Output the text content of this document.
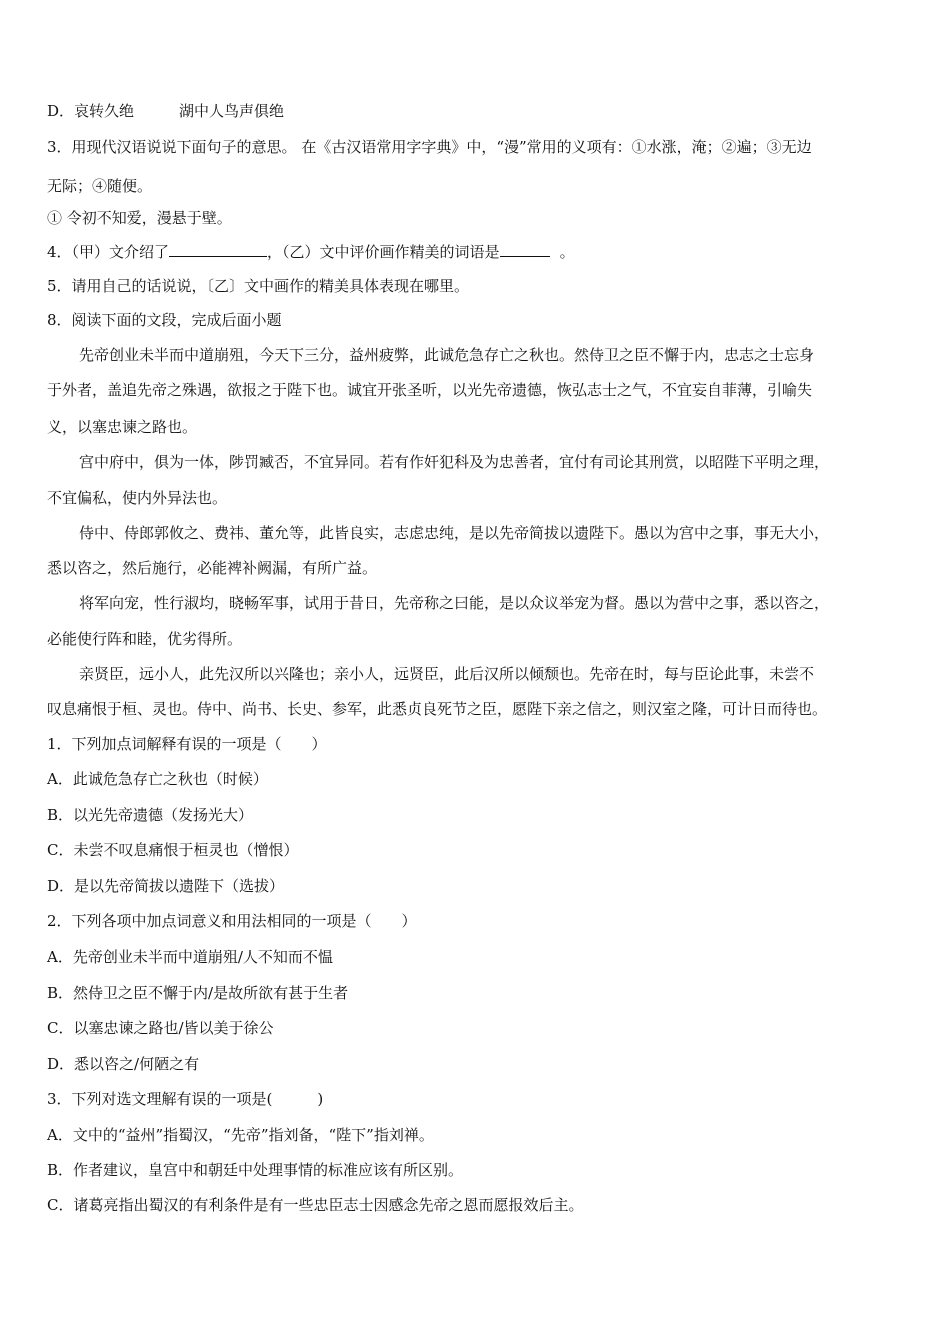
D．哀转久绝　　　湖中人鸟声俱绝
3．用现代汉语说说下面句子的意思。 在《古汉语常用字字典》中，“漫”常用的义项有：①水涨，淹；②遍；③无边
无际；④随便。
① 令初不知爱，漫悬于壁。
4．（甲）文介绍了	，（乙）文中评价画作精美的词语是	。
5．请用自己的话说说，〔乙〕文中画作的精美具体表现在哪里。
8．阅读下面的文段，完成后面小题
先帝创业未半而中道崩殂，今天下三分，益州疲弊，此诚危急存亡之秋也。然侍卫之臣不懈于内，忠志之士忘身
于外者，盖追先帝之殊遇，欲报之于陛下也。诚宜开张圣听，以光先帝遗德，恢弘志士之气，不宜妄自菲薄，引喻失
义，以塞忠谏之路也。
宫中府中，俱为一体，陟罚臧否，不宜异同。若有作奸犯科及为忠善者，宜付有司论其刑赏，以昭陛下平明之理，
不宜偏私，使内外异法也。
侍中、侍郎郭攸之、费祎、董允等，此皆良实，志虑忠纯，是以先帝简拔以遗陛下。愚以为宫中之事，事无大小，
悉以咨之，然后施行，必能裨补阙漏，有所广益。
将军向宠，性行淑均，晓畅军事，试用于昔日，先帝称之曰能，是以众议举宠为督。愚以为营中之事，悉以咨之，
必能使行阵和睦，优劣得所。
亲贤臣，远小人，此先汉所以兴隆也；亲小人，远贤臣，此后汉所以倾颓也。先帝在时，每与臣论此事，未尝不
叹息痛恨于桓、灵也。侍中、尚书、长史、参军，此悉贞良死节之臣，愿陛下亲之信之，则汉室之隆，可计日而待也。
1．下列加点词解释有误的一项是（　　）
A．此诚危急存亡之秋也（时候）
B．以光先帝遗德（发扬光大）
C．未尝不叹息痛恨于桓灵也（憎恨）
D．是以先帝简拔以遗陛下（选拔）
2．下列各项中加点词意义和用法相同的一项是（　　）
A．先帝创业未半而中道崩殂/人不知而不愠
B．然侍卫之臣不懈于内/是故所欲有甚于生者
C．以塞忠谏之路也/皆以美于徐公
D．悉以咨之/何陋之有
3．下列对选文理解有误的一项是(　　　)
A．文中的“益州”指蜀汉，“先帝”指刘备，“陛下”指刘禅。
B．作者建议，皇宫中和朝廷中处理事情的标准应该有所区别。
C．诸葛亮指出蜀汉的有利条件是有一些忠臣志士因感念先帝之恩而愿报效后主。
